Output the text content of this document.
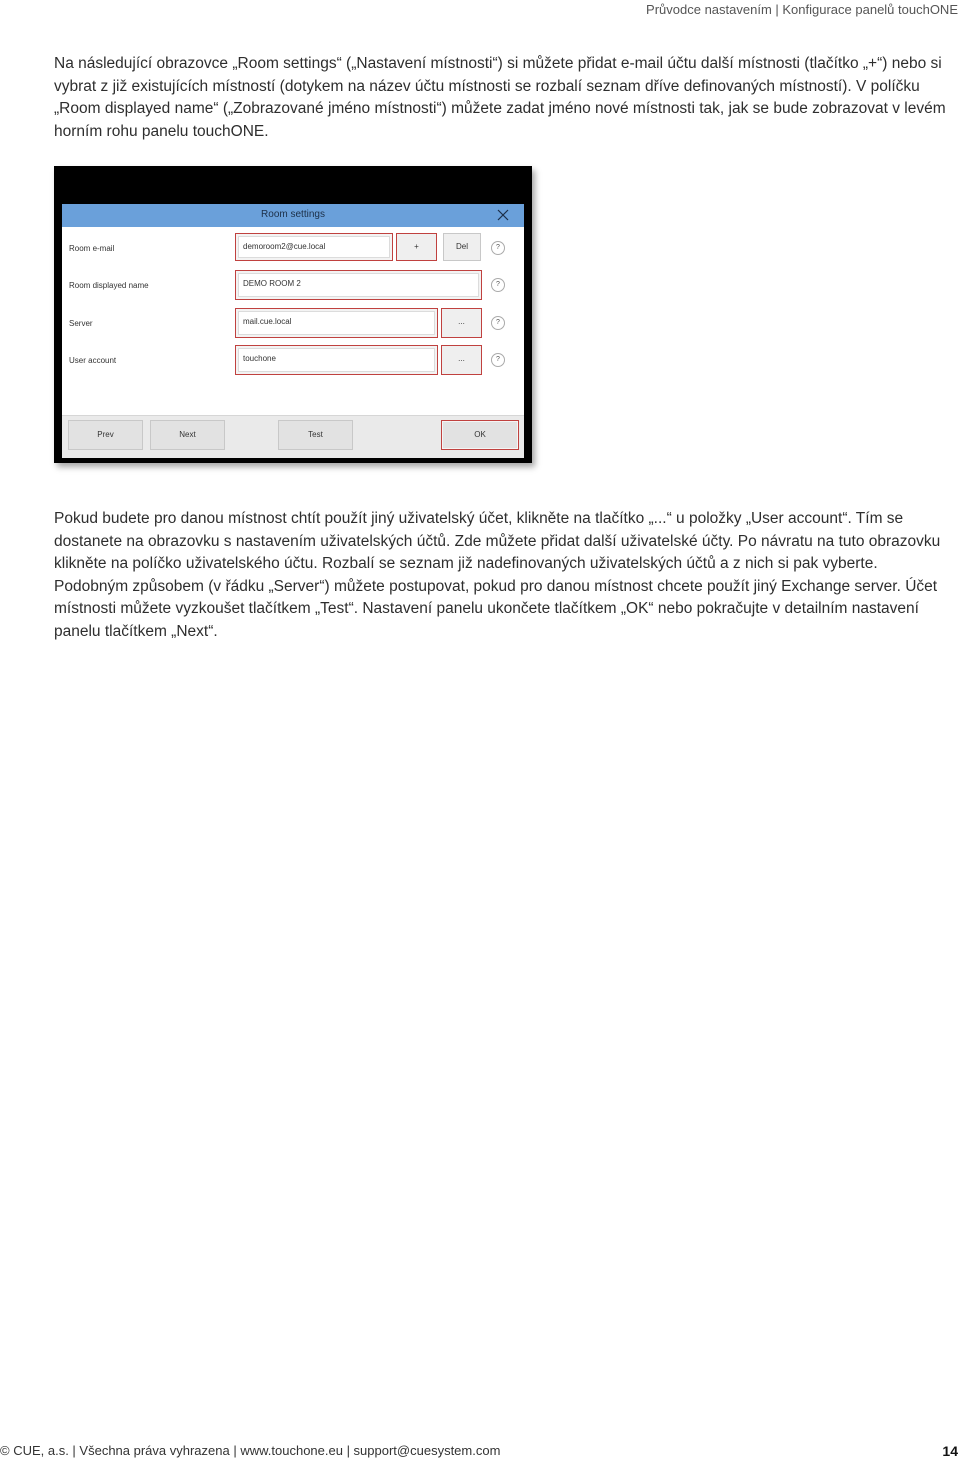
Průvodce nastavením | Konfigurace panelů touchONE

Na následující obrazovce „Room settings“ („Nastavení místnosti“) si můžete přidat e-mail účtu další místnosti (tlačítko „+“) nebo si vybrat z již existujících místností (dotykem na název účtu místnosti se rozbalí seznam dříve definovaných místností). V políčku „Room displayed name“ („Zobrazované jméno místnosti“) můžete zadat jméno nové místnosti tak, jak se bude zobrazovat v levém horním rohu panelu touchONE.

Room settings
Room e-mail	demoroom2@cue.local	+	Del	?
Room displayed name	DEMO ROOM 2	?
Server	mail.cue.local	...	?
User account	touchone	...	?
Prev	Next	Test	OK

Pokud budete pro danou místnost chtít použít jiný uživatelský účet, klikněte na tlačítko „...“ u položky „User account“. Tím se dostanete na obrazovku s nastavením uživatelských účtů. Zde můžete přidat další uživatelské účty. Po návratu na tuto obrazovku klikněte na políčko uživatelského účtu. Rozbalí se seznam již nadefinovaných uživatelských účtů a z nich si pak vyberte. Podobným způsobem (v řádku „Server“) můžete postupovat, pokud pro danou místnost chcete použít jiný Exchange server. Účet místnosti můžete vyzkoušet tlačítkem „Test“. Nastavení panelu ukončete tlačítkem „OK“ nebo pokračujte v detailním nastavení panelu tlačítkem „Next“.

© CUE, a.s. | Všechna práva vyhrazena | www.touchone.eu | support@cuesystem.com	14
